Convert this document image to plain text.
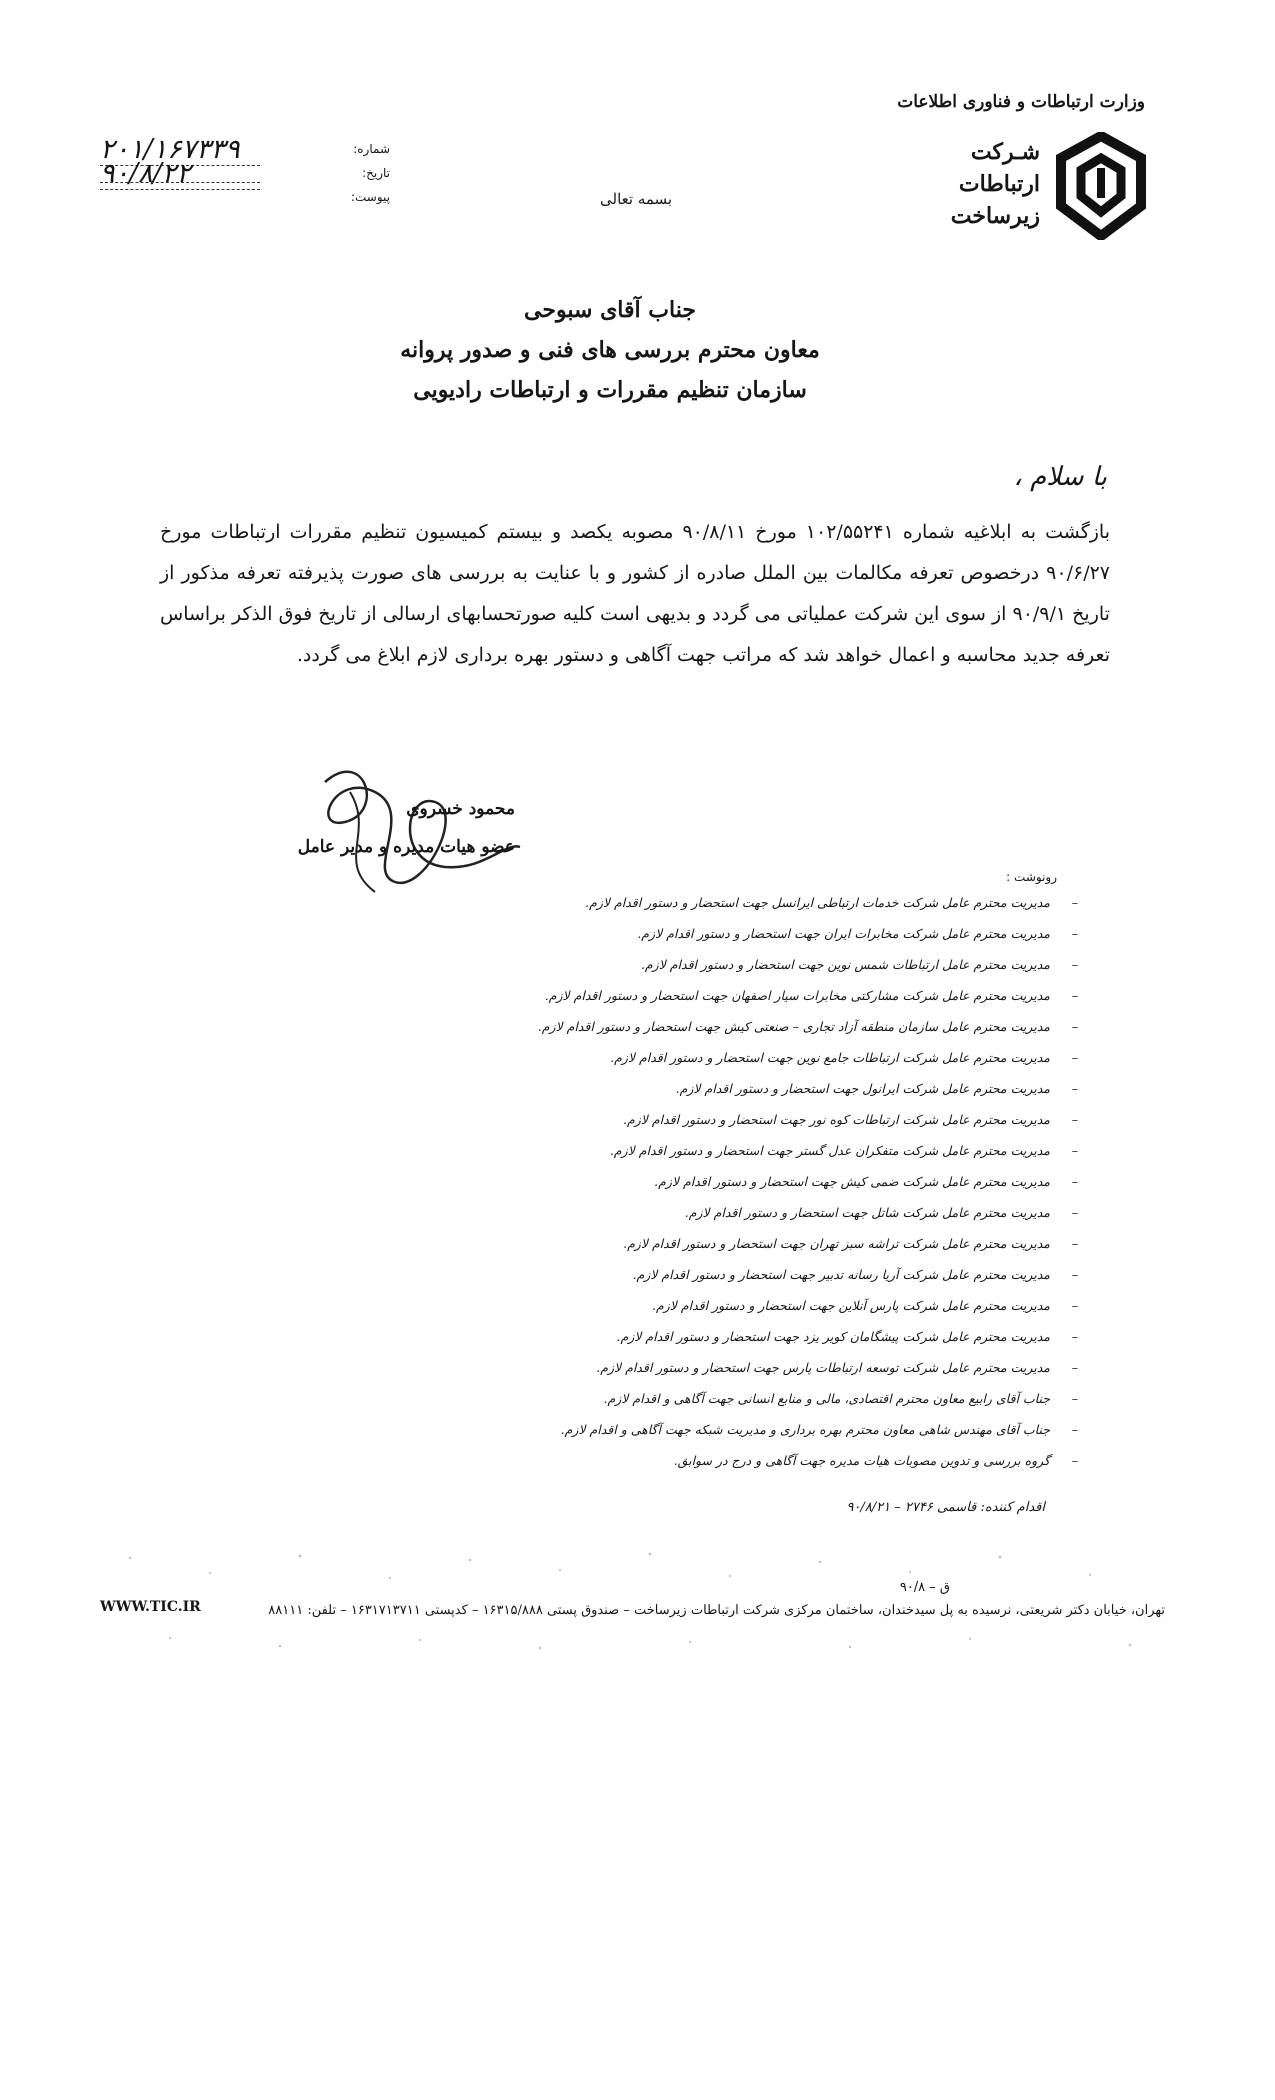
وزارت ارتباطات و فناوری اطلاعات
شـرکت
ارتباطات
زیرساخت
بسمه تعالی
شماره:
۲۰۱/۱۶۷۳۳۹
تاریخ:
۹۰/۸/۲۲
پیوست:
جناب آقای سبوحی
معاون محترم بررسی های فنی و صدور پروانه
سازمان تنظیم مقررات و ارتباطات رادیویی
با سلام ،
بازگشت به ابلاغیه شماره ۱۰۲/۵۵۲۴۱ مورخ ۹۰/۸/۱۱ مصوبه یکصد و بیستم کمیسیون تنظیم مقررات ارتباطات مورخ ۹۰/۶/۲۷ درخصوص تعرفه مکالمات بین الملل صادره از کشور و با عنایت به بررسی های صورت پذیرفته تعرفه مذکور از تاریخ ۹۰/۹/۱ از سوی این شرکت عملیاتی می گردد و بدیهی است کلیه صورتحسابهای ارسالی از تاریخ فوق الذکر براساس تعرفه جدید محاسبه و اعمال خواهد شد که مراتب جهت آگاهی و دستور بهره برداری لازم ابلاغ می گردد.
محمود خسروی
عضو هیات مدیره و مدیر عامل
رونوشت :
–
مدیریت محترم عامل شرکت خدمات ارتباطی ایرانسل جهت استحضار و دستور اقدام لازم.
–
مدیریت محترم عامل شرکت مخابرات ایران جهت استحضار و دستور اقدام لازم.
–
مدیریت محترم عامل ارتباطات شمس نوین جهت استحضار و دستور اقدام لازم.
–
مدیریت محترم عامل شرکت مشارکتی مخابرات سیار اصفهان جهت استحضار و دستور اقدام لازم.
–
مدیریت محترم عامل سازمان منطقه آزاد تجاری – صنعتی کیش جهت استحضار و دستور اقدام لازم.
–
مدیریت محترم عامل شرکت ارتباطات جامع نوین جهت استحضار و دستور اقدام لازم.
–
مدیریت محترم عامل شرکت ایرانول جهت استحضار و دستور اقدام لازم.
–
مدیریت محترم عامل شرکت ارتباطات کوه نور جهت استحضار و دستور اقدام لازم.
–
مدیریت محترم عامل شرکت متفکران عدل گستر جهت استحضار و دستور اقدام لازم.
–
مدیریت محترم عامل شرکت ضمی کیش جهت استحضار و دستور اقدام لازم.
–
مدیریت محترم عامل شرکت شاتل جهت استحضار و دستور اقدام لازم.
–
مدیریت محترم عامل شرکت تراشه سبز تهران جهت استحضار و دستور اقدام لازم.
–
مدیریت محترم عامل شرکت آریا رسانه تدبیر جهت استحضار و دستور اقدام لازم.
–
مدیریت محترم عامل شرکت پارس آنلاین جهت استحضار و دستور اقدام لازم.
–
مدیریت محترم عامل شرکت پیشگامان کویر یزد جهت استحضار و دستور اقدام لازم.
–
مدیریت محترم عامل شرکت توسعه ارتباطات پارس جهت استحضار و دستور اقدام لازم.
–
جناب آقای رابیع معاون محترم اقتصادی، مالی و منابع انسانی جهت آگاهی و اقدام لازم.
–
جناب آقای مهندس شاهی معاون محترم بهره برداری و مدیریت شبکه جهت آگاهی و اقدام لازم.
–
گروه بررسی و تدوین مصوبات هیات مدیره جهت آگاهی و درج در سوابق.
اقدام کننده: قاسمی ۲۷۴۶ – ۹۰/۸/۲۱
ق – ۹۰/۸
تهران، خیابان دکتر شریعتی، نرسیده به پل سیدخندان، ساختمان مرکزی شرکت ارتباطات زیرساخت – صندوق پستی ۱۶۳۱۵/۸۸۸ – کدپستی ۱۶۳۱۷۱۳۷۱۱ – تلفن: ۸۸۱۱۱
WWW.TIC.IR
